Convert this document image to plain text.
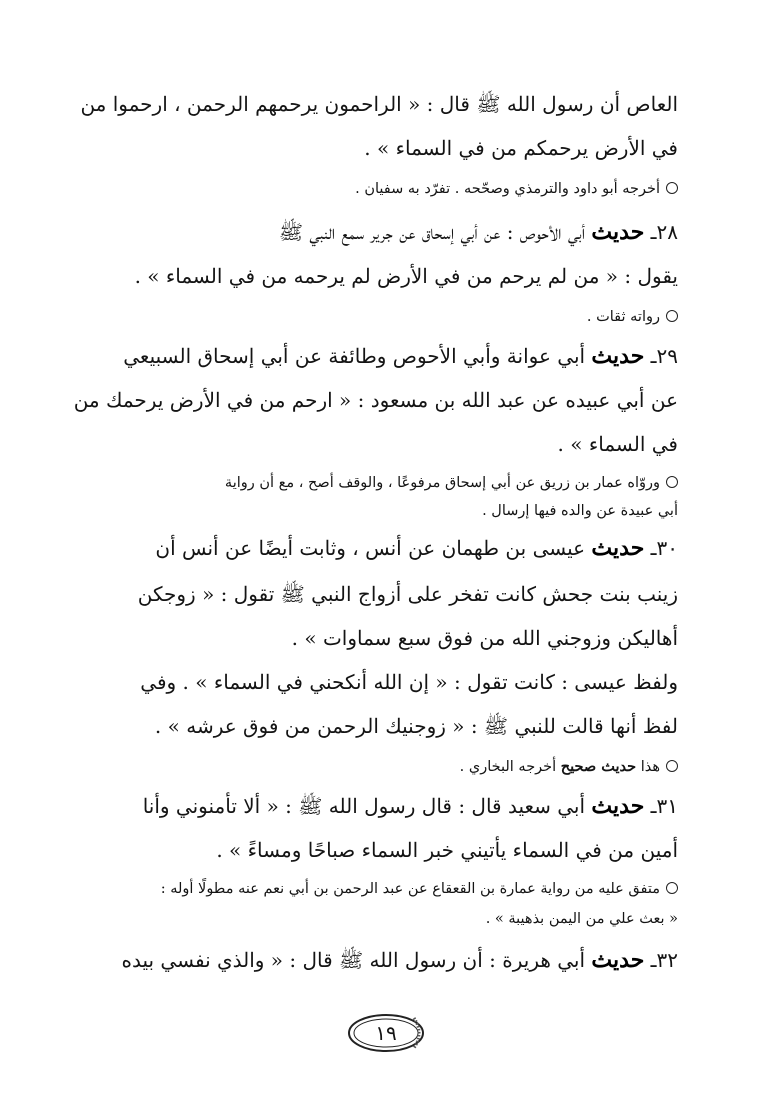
العاص أن رسول الله ﷺ قال : « الراحمون يرحمهم الرحمن ، ارحموا من
في الأرض يرحمكم من في السماء » .
أخرجه أبو داود والترمذي وصحّحه . تفرّد به سفيان .
٢٨ـ حديث أبي الأحوص : عن أبي إسحاق عن جرير سمع النبي ﷺ
يقول : « من لم يرحم من في الأرض لم يرحمه من في السماء » .
رواته ثقات .
٢٩ـ حديث أبي عوانة وأبي الأحوص وطائفة عن أبي إسحاق السبيعي
عن أبي عبيده عن عبد الله بن مسعود : « ارحم من في الأرض يرحمك من
في السماء » .
وروّاه عمار بن زريق عن أبي إسحاق مرفوعًا ، والوقف أصح ، مع أن رواية
أبي عبيدة عن والده فيها إرسال .
٣٠ـ حديث عيسى بن طهمان عن أنس ، وثابت أيضًا عن أنس أن
زينب بنت جحش كانت تفخر على أزواج النبي ﷺ تقول : « زوجكن
أهاليكن وزوجني الله من فوق سبع سماوات » .
ولفظ عيسى : كانت تقول : « إن الله أنكحني في السماء » . وفي
لفظ أنها قالت للنبي ﷺ : « زوجنيك الرحمن من فوق عرشه » .
هذا حديث صحيح أخرجه البخاري .
٣١ـ حديث أبي سعيد قال : قال رسول الله ﷺ : « ألا تأمنوني وأنا
أمين من في السماء يأتيني خبر السماء صباحًا ومساءً » .
متفق عليه من رواية عمارة بن القعقاع عن عبد الرحمن بن أبي نعم عنه مطولًا أوله :
« بعث علي من اليمن بذهيبة » .
٣٢ـ حديث أبي هريرة : أن رسول الله ﷺ قال : « والذي نفسي بيده
١٩
